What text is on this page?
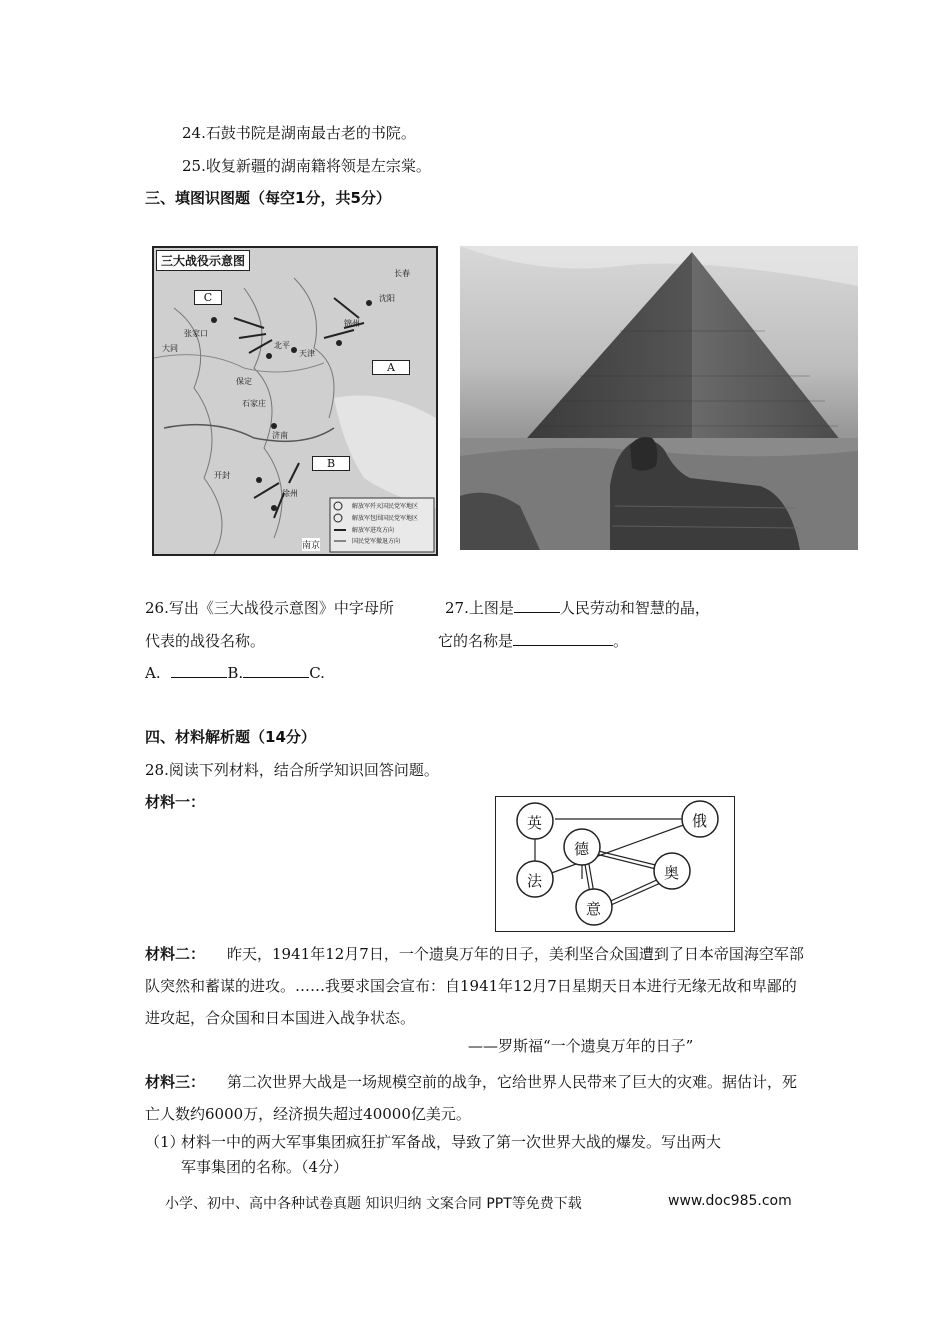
24.石鼓书院是湖南最古老的书院。
25.收复新疆的湖南籍将领是左宗棠。
三、填图识图题（每空1分，共5分）
三大战役示意图
C
A
B
张家口
北平
天津
大同
保定
济南
徐州
开封
南京
石家庄
锦州
沈阳
长春
解放军歼灭国民党军地区
解放军包围国民党军地区
解放军进攻方向
国民党军撤退方向
26.写出《三大战役示意图》中字母所
代表的战役名称。
A.	B.	C.
27.上图是	人民劳动和智慧的晶，
它的名称是	。
四、材料解析题（14分）
28.阅读下列材料，结合所学知识回答问题。
材料一：
英	俄
德
奥
法
意
材料二： 昨天，1941年12月7日，一个遗臭万年的日子，美利坚合众国遭到了日本帝国海空军部队突然和蓄谋的进攻。……我要求国会宣布：自1941年12月7日星期天日本进行无缘无故和卑鄙的进攻起，合众国和日本国进入战争状态。
——罗斯福“一个遗臭万年的日子”
材料三： 第二次世界大战是一场规模空前的战争，它给世界人民带来了巨大的灾难。据估计，死亡人数约6000万，经济损失超过40000亿美元。
（1）
材料一中的两大军事集团疯狂扩军备战，导致了第一次世界大战的爆发。写出两大
军事集团的名称。（4分）
小学、初中、高中各种试卷真题 知识归纳 文案合同 PPT等免费下载	www.doc985.com
